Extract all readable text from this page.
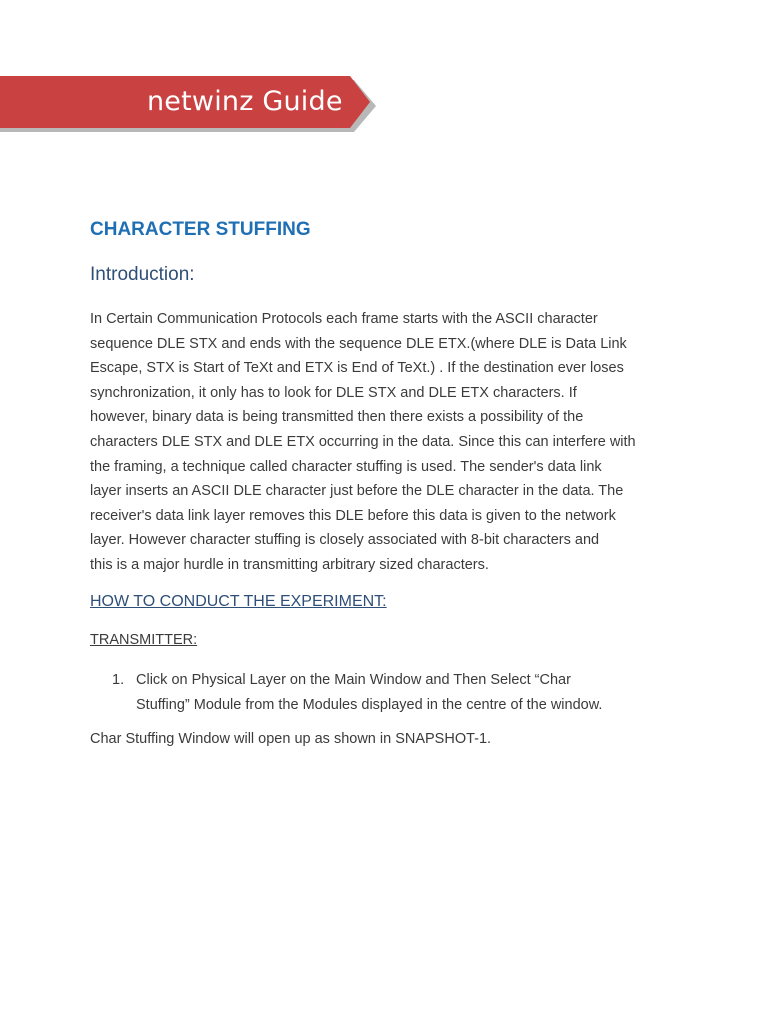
netwinz Guide
CHARACTER STUFFING
Introduction:

In Certain Communication Protocols each frame starts with the ASCII character
sequence DLE STX and ends with the sequence DLE ETX.(where DLE is Data Link
Escape, STX is Start of TeXt and ETX is End of TeXt.) . If the destination ever loses
synchronization, it only has to look for DLE STX and DLE ETX characters. If
however, binary data is being transmitted then there exists a possibility of the
characters DLE STX and DLE ETX occurring in the data. Since this can interfere with
the framing, a technique called character stuffing is used. The sender's data link
layer inserts an ASCII DLE character just before the DLE character in the data. The
receiver's data link layer removes this DLE before this data is given to the network
layer. However character stuffing is closely associated with 8-bit characters and
this is a major hurdle in transmitting arbitrary sized characters.

HOW TO CONDUCT THE EXPERIMENT:
TRANSMITTER:
1. Click on Physical Layer on the Main Window and Then Select “Char
Stuffing” Module from the Modules displayed in the centre of the window.
Char Stuffing Window will open up as shown in SNAPSHOT-1.
